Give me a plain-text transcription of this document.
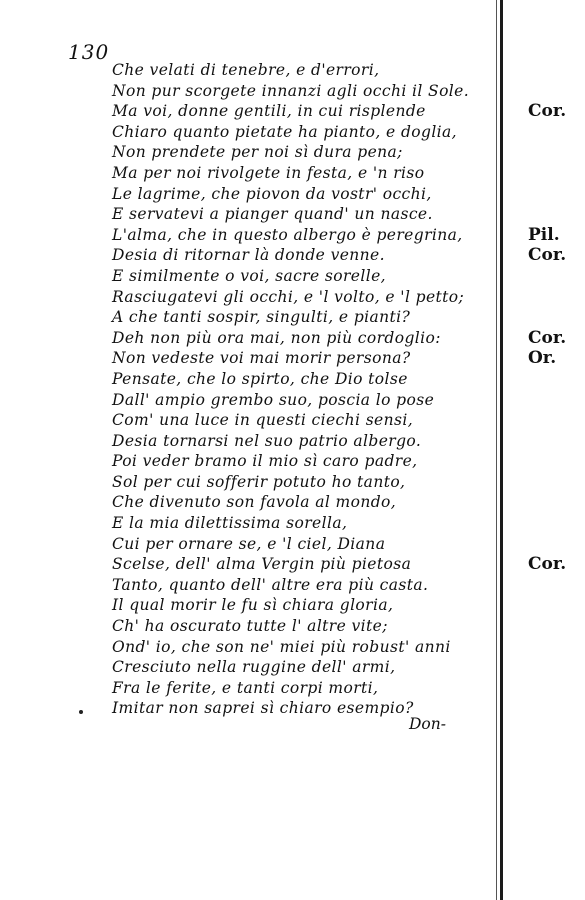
130
Che velati di tenebre, e d'errori,
Non pur scorgete innanzi agli occhi il Sole.
Ma voi, donne gentili, in cui risplende
Chiaro quanto pietate ha pianto, e doglia,
Non prendete per noi sì dura pena;
Ma per noi rivolgete in festa, e 'n riso
Le lagrime, che piovon da vostr' occhi,
E servatevi a pianger quand' un nasce.
L'alma, che in questo albergo è peregrina,
Desia di ritornar là donde venne.
E similmente o voi, sacre sorelle,
Rasciugatevi gli occhi, e 'l volto, e 'l petto;
A che tanti sospir, singulti, e pianti?
Deh non più ora mai, non più cordoglio:
Non vedeste voi mai morir persona?
Pensate, che lo spirto, che Dio tolse
Dall' ampio grembo suo, poscia lo pose
Com' una luce in questi ciechi sensi,
Desia tornarsi nel suo patrio albergo.
Poi veder bramo il mio sì caro padre,
Sol per cui sofferir potuto ho tanto,
Che divenuto son favola al mondo,
E la mia dilettissima sorella,
Cui per ornare se, e 'l ciel, Diana
Scelse, dell' alma Vergin più pietosa
Tanto, quanto dell' altre era più casta.
Il qual morir le fu sì chiara gloria,
Ch' ha oscurato tutte l' altre vite;
Ond' io, che son ne' miei più robust' anni
Cresciuto nella ruggine dell' armi,
Fra le ferite, e tanti corpi morti,
Imitar non saprei sì chiaro esempio?
Cor.
Pil.
Cor.
Cor.
Or.
Cor.
Don-
